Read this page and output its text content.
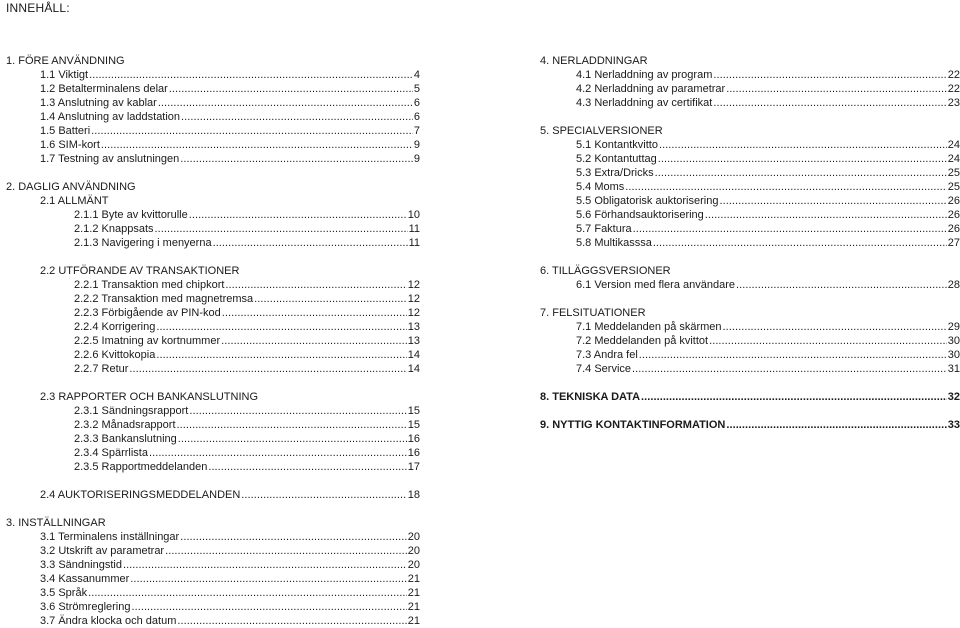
INNEHÅLL:
1. FÖRE ANVÄNDNING
1.1 Viktigt . . .	4
1.2 Betalterminalens delar . . .	5
1.3 Anslutning av kablar . . .	6
1.4 Anslutning av laddstation . . .	6
1.5 Batteri . . .	7
1.6 SIM-kort . . .	9
1.7 Testning av anslutningen . . .	9
2. DAGLIG ANVÄNDNING
2.1 ALLMÄNT
2.1.1 Byte av kvittorulle . . .	10
2.1.2 Knappsats . . .	11
2.1.3 Navigering i menyerna . . .	11
2.2 UTFÖRANDE AV TRANSAKTIONER
2.2.1 Transaktion med chipkort . . .	12
2.2.2 Transaktion med magnetremsa . . .	12
2.2.3 Förbigående av PIN-kod . . .	12
2.2.4 Korrigering . . .	13
2.2.5 Imatning av kortnummer . . .	13
2.2.6 Kvittokopia . . .	14
2.2.7 Retur . . .	14
2.3 RAPPORTER OCH BANKANSLUTNING
2.3.1 Sändningsrapport . . .	15
2.3.2 Månadsrapport . . .	15
2.3.3 Bankanslutning . . .	16
2.3.4 Spärrlista . . .	16
2.3.5 Rapportmeddelanden . . .	17
2.4 AUKTORISERINGSMEDDELANDEN . . .	18
3. INSTÄLLNINGAR
3.1 Terminalens inställningar . . .	20
3.2 Utskrift av parametrar . . .	20
3.3 Sändningstid . . .	20
3.4 Kassanummer . . .	21
3.5 Språk . . .	21
3.6 Strömreglering . . .	21
3.7 Ändra klocka och datum . . .	21
4. NERLADDNINGAR
4.1 Nerladdning av program . . .	22
4.2 Nerladdning av parametrar . . .	22
4.3 Nerladdning av certifikat . . .	23
5. SPECIALVERSIONER
5.1 Kontantkvitto . . .	24
5.2 Kontantuttag . . .	24
5.3 Extra/Dricks . . .	25
5.4 Moms . . .	25
5.5 Obligatorisk auktorisering . . .	26
5.6 Förhandsauktorisering . . .	26
5.7 Faktura . . .	26
5.8 Multikasssa . . .	27
6. TILLÄGGSVERSIONER
6.1 Version med flera användare . . .	28
7. FELSITUATIONER
7.1 Meddelanden på skärmen . . .	29
7.2 Meddelanden på kvittot . . .	30
7.3 Andra fel . . .	30
7.4 Service . . .	31
8. TEKNISKA DATA . . .	32
9. NYTTIG KONTAKTINFORMATION . . .	33
